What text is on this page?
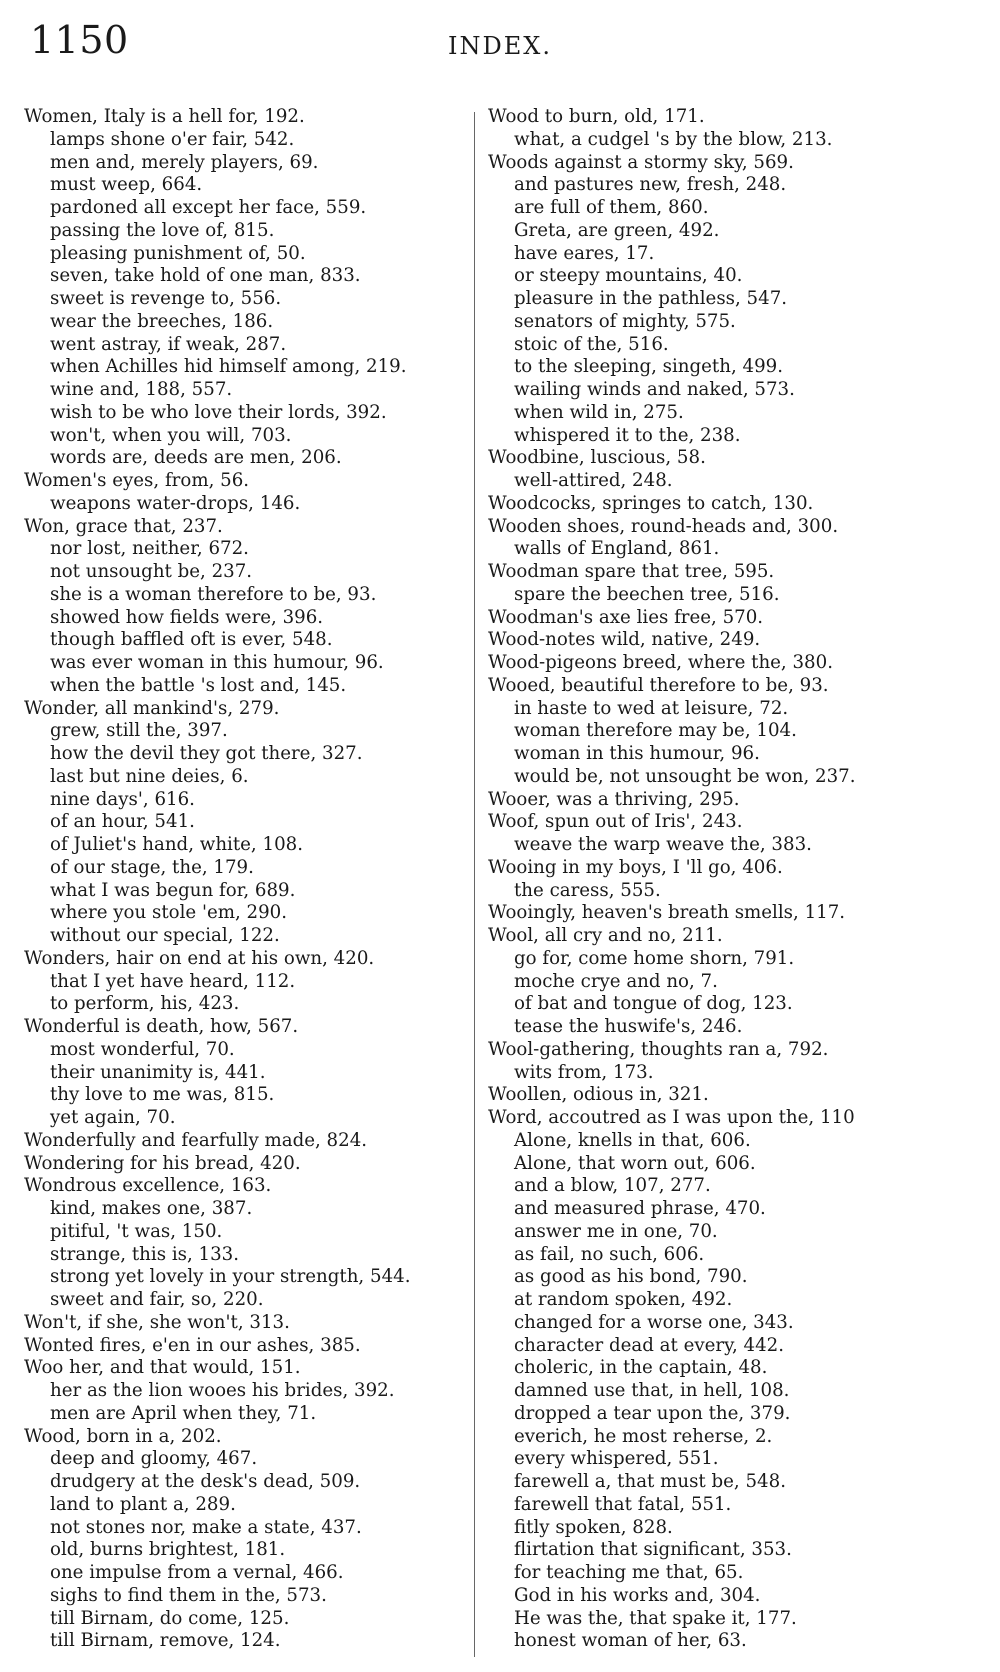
1150	INDEX.
Women, Italy is a hell for, 192.
lamps shone o'er fair, 542.
men and, merely players, 69.
must weep, 664.
pardoned all except her face, 559.
passing the love of, 815.
pleasing punishment of, 50.
seven, take hold of one man, 833.
sweet is revenge to, 556.
wear the breeches, 186.
went astray, if weak, 287.
when Achilles hid himself among, 219.
wine and, 188, 557.
wish to be who love their lords, 392.
won't, when you will, 703.
words are, deeds are men, 206.
Women's eyes, from, 56.
weapons water-drops, 146.
Won, grace that, 237.
nor lost, neither, 672.
not unsought be, 237.
she is a woman therefore to be, 93.
showed how fields were, 396.
though baffled oft is ever, 548.
was ever woman in this humour, 96.
when the battle 's lost and, 145.
Wonder, all mankind's, 279.
grew, still the, 397.
how the devil they got there, 327.
last but nine deies, 6.
nine days', 616.
of an hour, 541.
of Juliet's hand, white, 108.
of our stage, the, 179.
what I was begun for, 689.
where you stole 'em, 290.
without our special, 122.
Wonders, hair on end at his own, 420.
that I yet have heard, 112.
to perform, his, 423.
Wonderful is death, how, 567.
most wonderful, 70.
their unanimity is, 441.
thy love to me was, 815.
yet again, 70.
Wonderfully and fearfully made, 824.
Wondering for his bread, 420.
Wondrous excellence, 163.
kind, makes one, 387.
pitiful, 't was, 150.
strange, this is, 133.
strong yet lovely in your strength, 544.
sweet and fair, so, 220.
Won't, if she, she won't, 313.
Wonted fires, e'en in our ashes, 385.
Woo her, and that would, 151.
her as the lion wooes his brides, 392.
men are April when they, 71.
Wood, born in a, 202.
deep and gloomy, 467.
drudgery at the desk's dead, 509.
land to plant a, 289.
not stones nor, make a state, 437.
old, burns brightest, 181.
one impulse from a vernal, 466.
sighs to find them in the, 573.
till Birnam, do come, 125.
till Birnam, remove, 124.
Wood to burn, old, 171.
what, a cudgel 's by the blow, 213.
Woods against a stormy sky, 569.
and pastures new, fresh, 248.
are full of them, 860.
Greta, are green, 492.
have eares, 17.
or steepy mountains, 40.
pleasure in the pathless, 547.
senators of mighty, 575.
stoic of the, 516.
to the sleeping, singeth, 499.
wailing winds and naked, 573.
when wild in, 275.
whispered it to the, 238.
Woodbine, luscious, 58.
well-attired, 248.
Woodcocks, springes to catch, 130.
Wooden shoes, round-heads and, 300.
walls of England, 861.
Woodman spare that tree, 595.
spare the beechen tree, 516.
Woodman's axe lies free, 570.
Wood-notes wild, native, 249.
Wood-pigeons breed, where the, 380.
Wooed, beautiful therefore to be, 93.
in haste to wed at leisure, 72.
woman therefore may be, 104.
woman in this humour, 96.
would be, not unsought be won, 237.
Wooer, was a thriving, 295.
Woof, spun out of Iris', 243.
weave the warp weave the, 383.
Wooing in my boys, I 'll go, 406.
the caress, 555.
Wooingly, heaven's breath smells, 117.
Wool, all cry and no, 211.
go for, come home shorn, 791.
moche crye and no, 7.
of bat and tongue of dog, 123.
tease the huswife's, 246.
Wool-gathering, thoughts ran a, 792.
wits from, 173.
Woollen, odious in, 321.
Word, accoutred as I was upon the, 110
Alone, knells in that, 606.
Alone, that worn out, 606.
and a blow, 107, 277.
and measured phrase, 470.
answer me in one, 70.
as fail, no such, 606.
as good as his bond, 790.
at random spoken, 492.
changed for a worse one, 343.
character dead at every, 442.
choleric, in the captain, 48.
damned use that, in hell, 108.
dropped a tear upon the, 379.
everich, he most reherse, 2.
every whispered, 551.
farewell a, that must be, 548.
farewell that fatal, 551.
fitly spoken, 828.
flirtation that significant, 353.
for teaching me that, 65.
God in his works and, 304.
He was the, that spake it, 177.
honest woman of her, 63.
